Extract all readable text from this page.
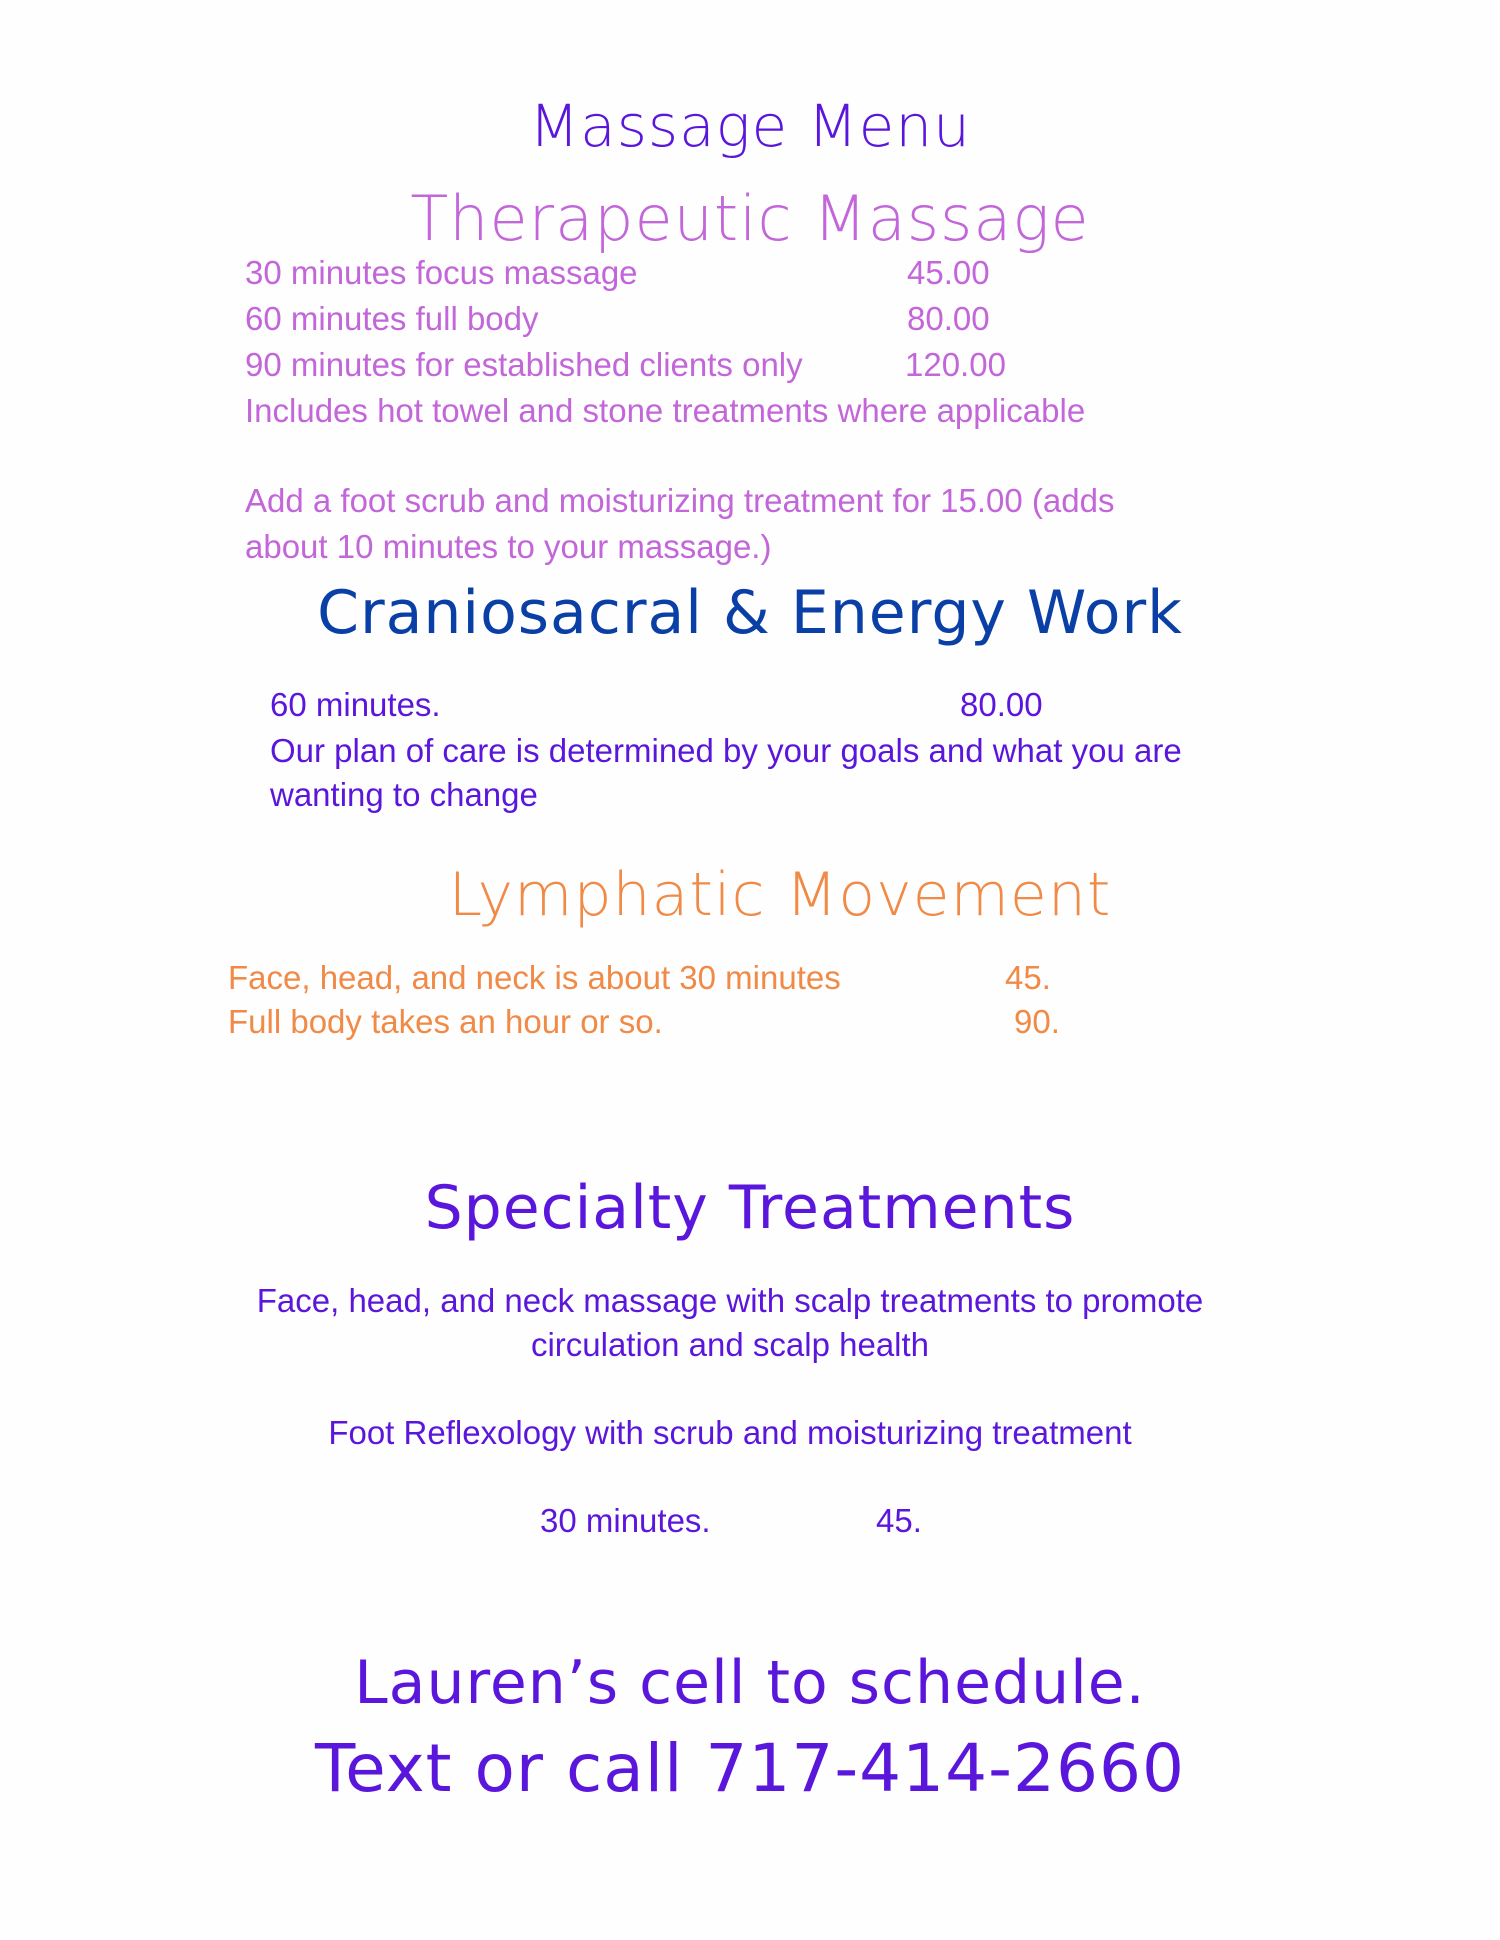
Massage Menu
Therapeutic Massage
30 minutes focus massage	45.00
60 minutes full body	80.00
90 minutes for established clients only	120.00
Includes hot towel and stone treatments where applicable
Add a foot scrub and moisturizing treatment for 15.00 (adds
about 10 minutes to your massage.)
Craniosacral & Energy Work
60 minutes.	80.00
Our plan of care is determined by your goals and what you are
wanting to change
Lymphatic Movement
Face, head, and neck is about 30 minutes	45.
Full body takes an hour or so.	90.
Specialty Treatments
Face, head, and neck massage with scalp treatments to promote
circulation and scalp health
Foot Reflexology with scrub and moisturizing treatment
30 minutes.	45.
Lauren’s cell to schedule.
Text or call 717-414-2660
